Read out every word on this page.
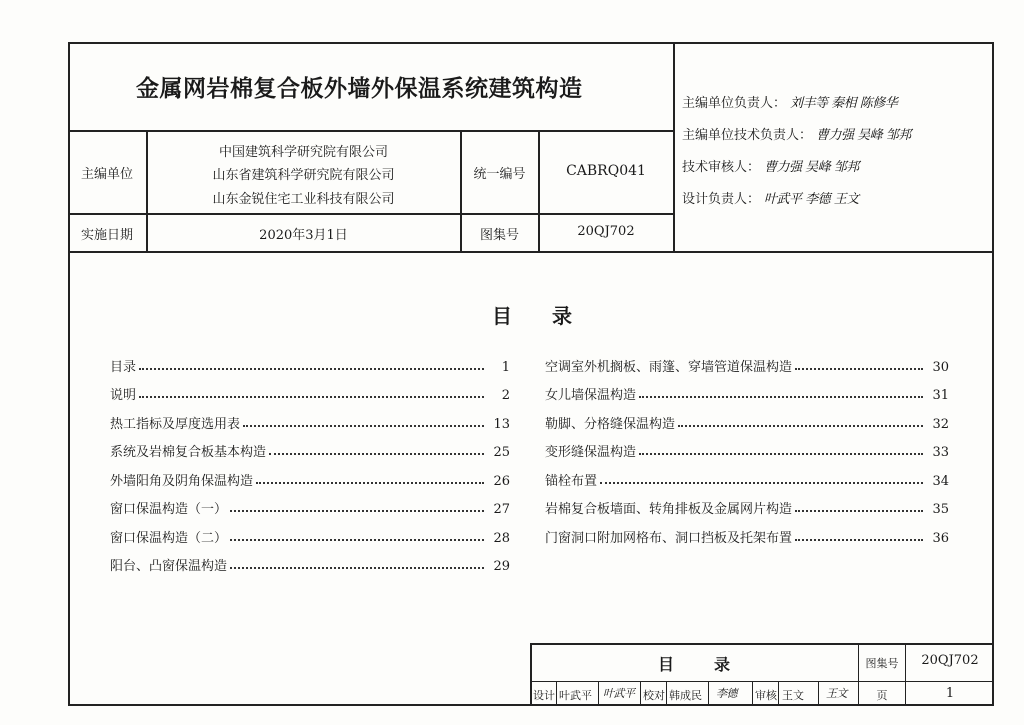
金属网岩棉复合板外墙外保温系统建筑构造
主编单位
中国建筑科学研究院有限公司
山东省建筑科学研究院有限公司
山东金锐住宅工业科技有限公司
统一编号	CABRQ041
实施日期	2020年3月1日	图集号	20QJ702
主编单位负责人： 刘丰等 秦相 陈修华
主编单位技术负责人： 曹力强 吴峰 邹邦
技术审核人： 曹力强 吴峰 邹邦
设计负责人： 叶武平 李德 王文
目录
目录	1
说明	2
热工指标及厚度选用表	13
系统及岩棉复合板基本构造	25
外墙阳角及阴角保温构造	26
窗口保温构造（一）	27
窗口保温构造（二）	28
阳台、凸窗保温构造	29
空调室外机搁板、雨篷、穿墙管道保温构造	30
女儿墙保温构造	31
勒脚、分格缝保温构造	32
变形缝保温构造	33
锚栓布置	34
岩棉复合板墙面、转角排板及金属网片构造	35
门窗洞口附加网格布、洞口挡板及托架布置	36
目录	图集号	20QJ702
设计 叶武平 叶武平 校对 韩成民 李德 审核 王文 王文	页	1
